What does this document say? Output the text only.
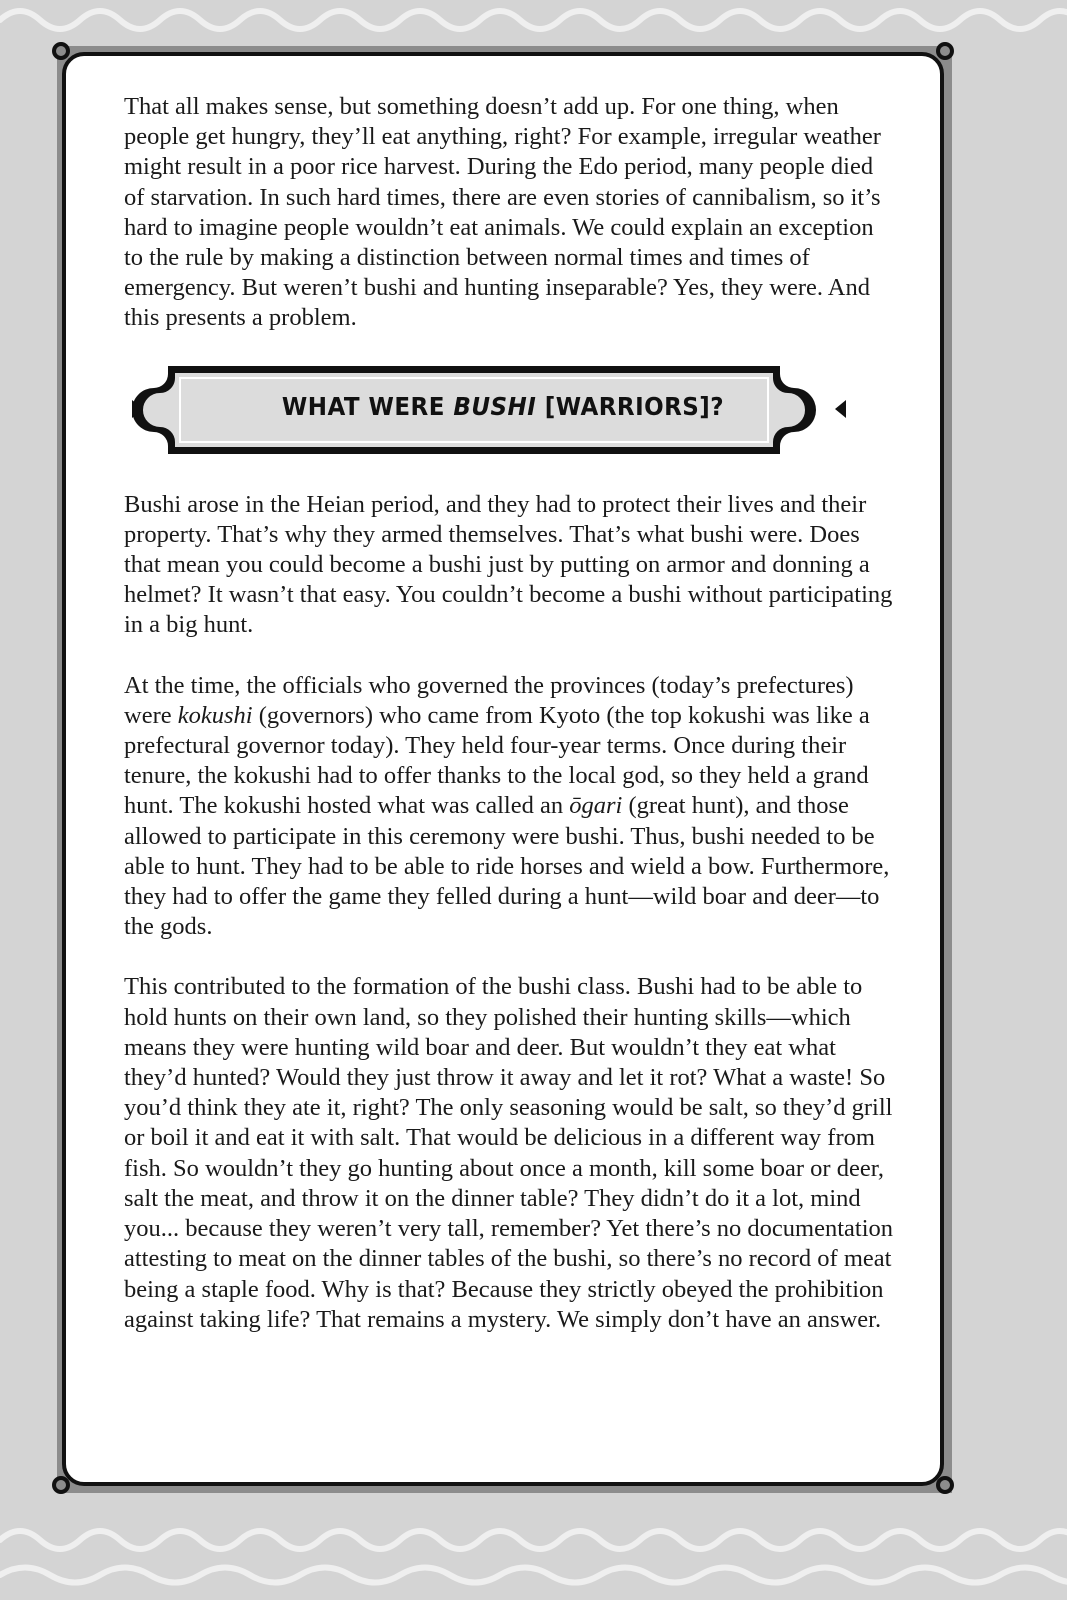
That all makes sense, but something doesn’t add up. For one thing, when people get hungry, they’ll eat anything, right? For example, irregular weather might result in a poor rice harvest. During the Edo period, many people died of starvation. In such hard times, there are even stories of cannibalism, so it’s hard to imagine people wouldn’t eat animals. We could explain an exception to the rule by making a distinction between normal times and times of emergency. But weren’t bushi and hunting inseparable? Yes, they were. And this presents a problem.

WHAT WERE BUSHI [WARRIORS]?

Bushi arose in the Heian period, and they had to protect their lives and their property. That’s why they armed themselves. That’s what bushi were. Does that mean you could become a bushi just by putting on armor and donning a helmet? It wasn’t that easy. You couldn’t become a bushi without participating in a big hunt.

At the time, the officials who governed the provinces (today’s prefectures) were kokushi (governors) who came from Kyoto (the top kokushi was like a prefectural governor today). They held four-year terms. Once during their tenure, the kokushi had to offer thanks to the local god, so they held a grand hunt. The kokushi hosted what was called an ōgari (great hunt), and those allowed to participate in this ceremony were bushi. Thus, bushi needed to be able to hunt. They had to be able to ride horses and wield a bow. Furthermore, they had to offer the game they felled during a hunt—wild boar and deer—to the gods.

This contributed to the formation of the bushi class. Bushi had to be able to hold hunts on their own land, so they polished their hunting skills—which means they were hunting wild boar and deer. But wouldn’t they eat what they’d hunted? Would they just throw it away and let it rot? What a waste! So you’d think they ate it, right? The only seasoning would be salt, so they’d grill or boil it and eat it with salt. That would be delicious in a different way from fish. So wouldn’t they go hunting about once a month, kill some boar or deer, salt the meat, and throw it on the dinner table? They didn’t do it a lot, mind you... because they weren’t very tall, remember? Yet there’s no documentation attesting to meat on the dinner tables of the bushi, so there’s no record of meat being a staple food. Why is that? Because they strictly obeyed the prohibition against taking life? That remains a mystery. We simply don’t have an answer.
